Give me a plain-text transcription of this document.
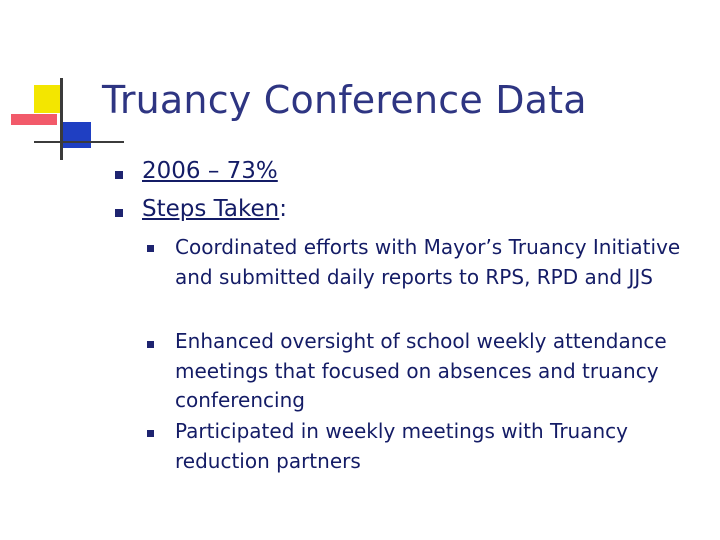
Truancy Conference Data
2006 – 73%
Steps Taken:
Coordinated efforts with Mayor’s Truancy Initiative and submitted daily reports to RPS, RPD and JJS
Enhanced oversight of school weekly attendance meetings that focused on absences and truancy conferencing
Participated in weekly meetings with Truancy reduction partners
